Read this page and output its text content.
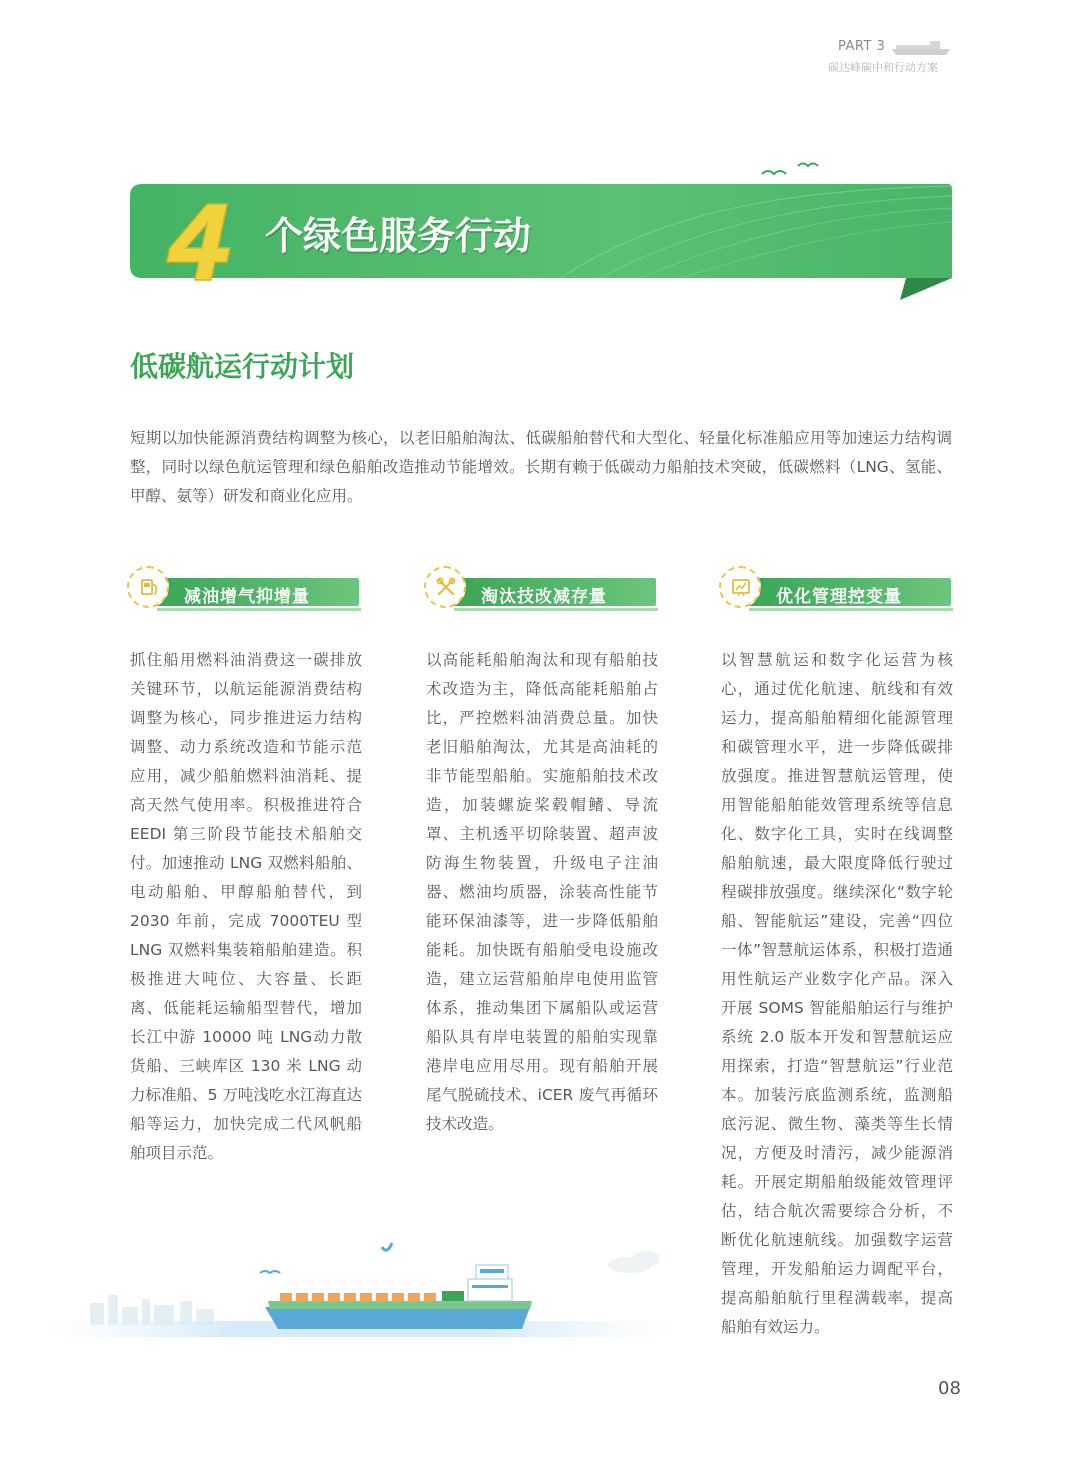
PART 3
碳达峰碳中和行动方案
个绿色服务行动
低碳航运行动计划
短期以加快能源消费结构调整为核心，以老旧船舶淘汰、低碳船舶替代和大型化、轻量化标准船应用等加速运力结构调整，同时以绿色航运管理和绿色船舶改造推动节能增效。长期有赖于低碳动力船舶技术突破，低碳燃料（LNG、氢能、甲醇、氨等）研发和商业化应用。
减油增气抑增量
抓住船用燃料油消费这一碳排放关键环节，以航运能源消费结构调整为核心，同步推进运力结构调整、动力系统改造和节能示范应用，减少船舶燃料油消耗、提高天然气使用率。积极推进符合 EEDI 第三阶段节能技术船舶交付。加速推动 LNG 双燃料船舶、电动船舶、甲醇船舶替代，到 2030 年前，完成 7000TEU 型 LNG 双燃料集装箱船舶建造。积极推进大吨位、大容量、长距离、低能耗运输船型替代，增加长江中游 10000 吨 LNG动力散货船、三峡库区 130 米 LNG 动力标准船、5 万吨浅吃水江海直达船等运力，加快完成二代风帆船舶项目示范。
淘汰技改减存量
以高能耗船舶淘汰和现有船舶技术改造为主，降低高能耗船舶占比，严控燃料油消费总量。加快老旧船舶淘汰，尤其是高油耗的非节能型船舶。实施船舶技术改造，加装螺旋桨毂帽鳍、导流罩、主机透平切除装置、超声波防海生物装置，升级电子注油器、燃油均质器，涂装高性能节能环保油漆等，进一步降低船舶能耗。加快既有船舶受电设施改造，建立运营船舶岸电使用监管体系，推动集团下属船队或运营船队具有岸电装置的船舶实现靠港岸电应用尽用。现有船舶开展尾气脱硫技术、iCER 废气再循环技术改造。
优化管理控变量
以智慧航运和数字化运营为核心，通过优化航速、航线和有效运力，提高船舶精细化能源管理和碳管理水平，进一步降低碳排放强度。推进智慧航运管理，使用智能船舶能效管理系统等信息化、数字化工具，实时在线调整船舶航速，最大限度降低行驶过程碳排放强度。继续深化“数字轮船、智能航运”建设，完善“四位一体”智慧航运体系，积极打造通用性航运产业数字化产品。深入开展 SOMS 智能船舶运行与维护系统 2.0 版本开发和智慧航运应用探索，打造“智慧航运”行业范本。加装污底监测系统，监测船底污泥、微生物、藻类等生长情况，方便及时清污，减少能源消耗。开展定期船舶级能效管理评估，结合航次需要综合分析，不断优化航速航线。加强数字运营管理，开发船舶运力调配平台，提高船舶航行里程满载率，提高船舶有效运力。
08
